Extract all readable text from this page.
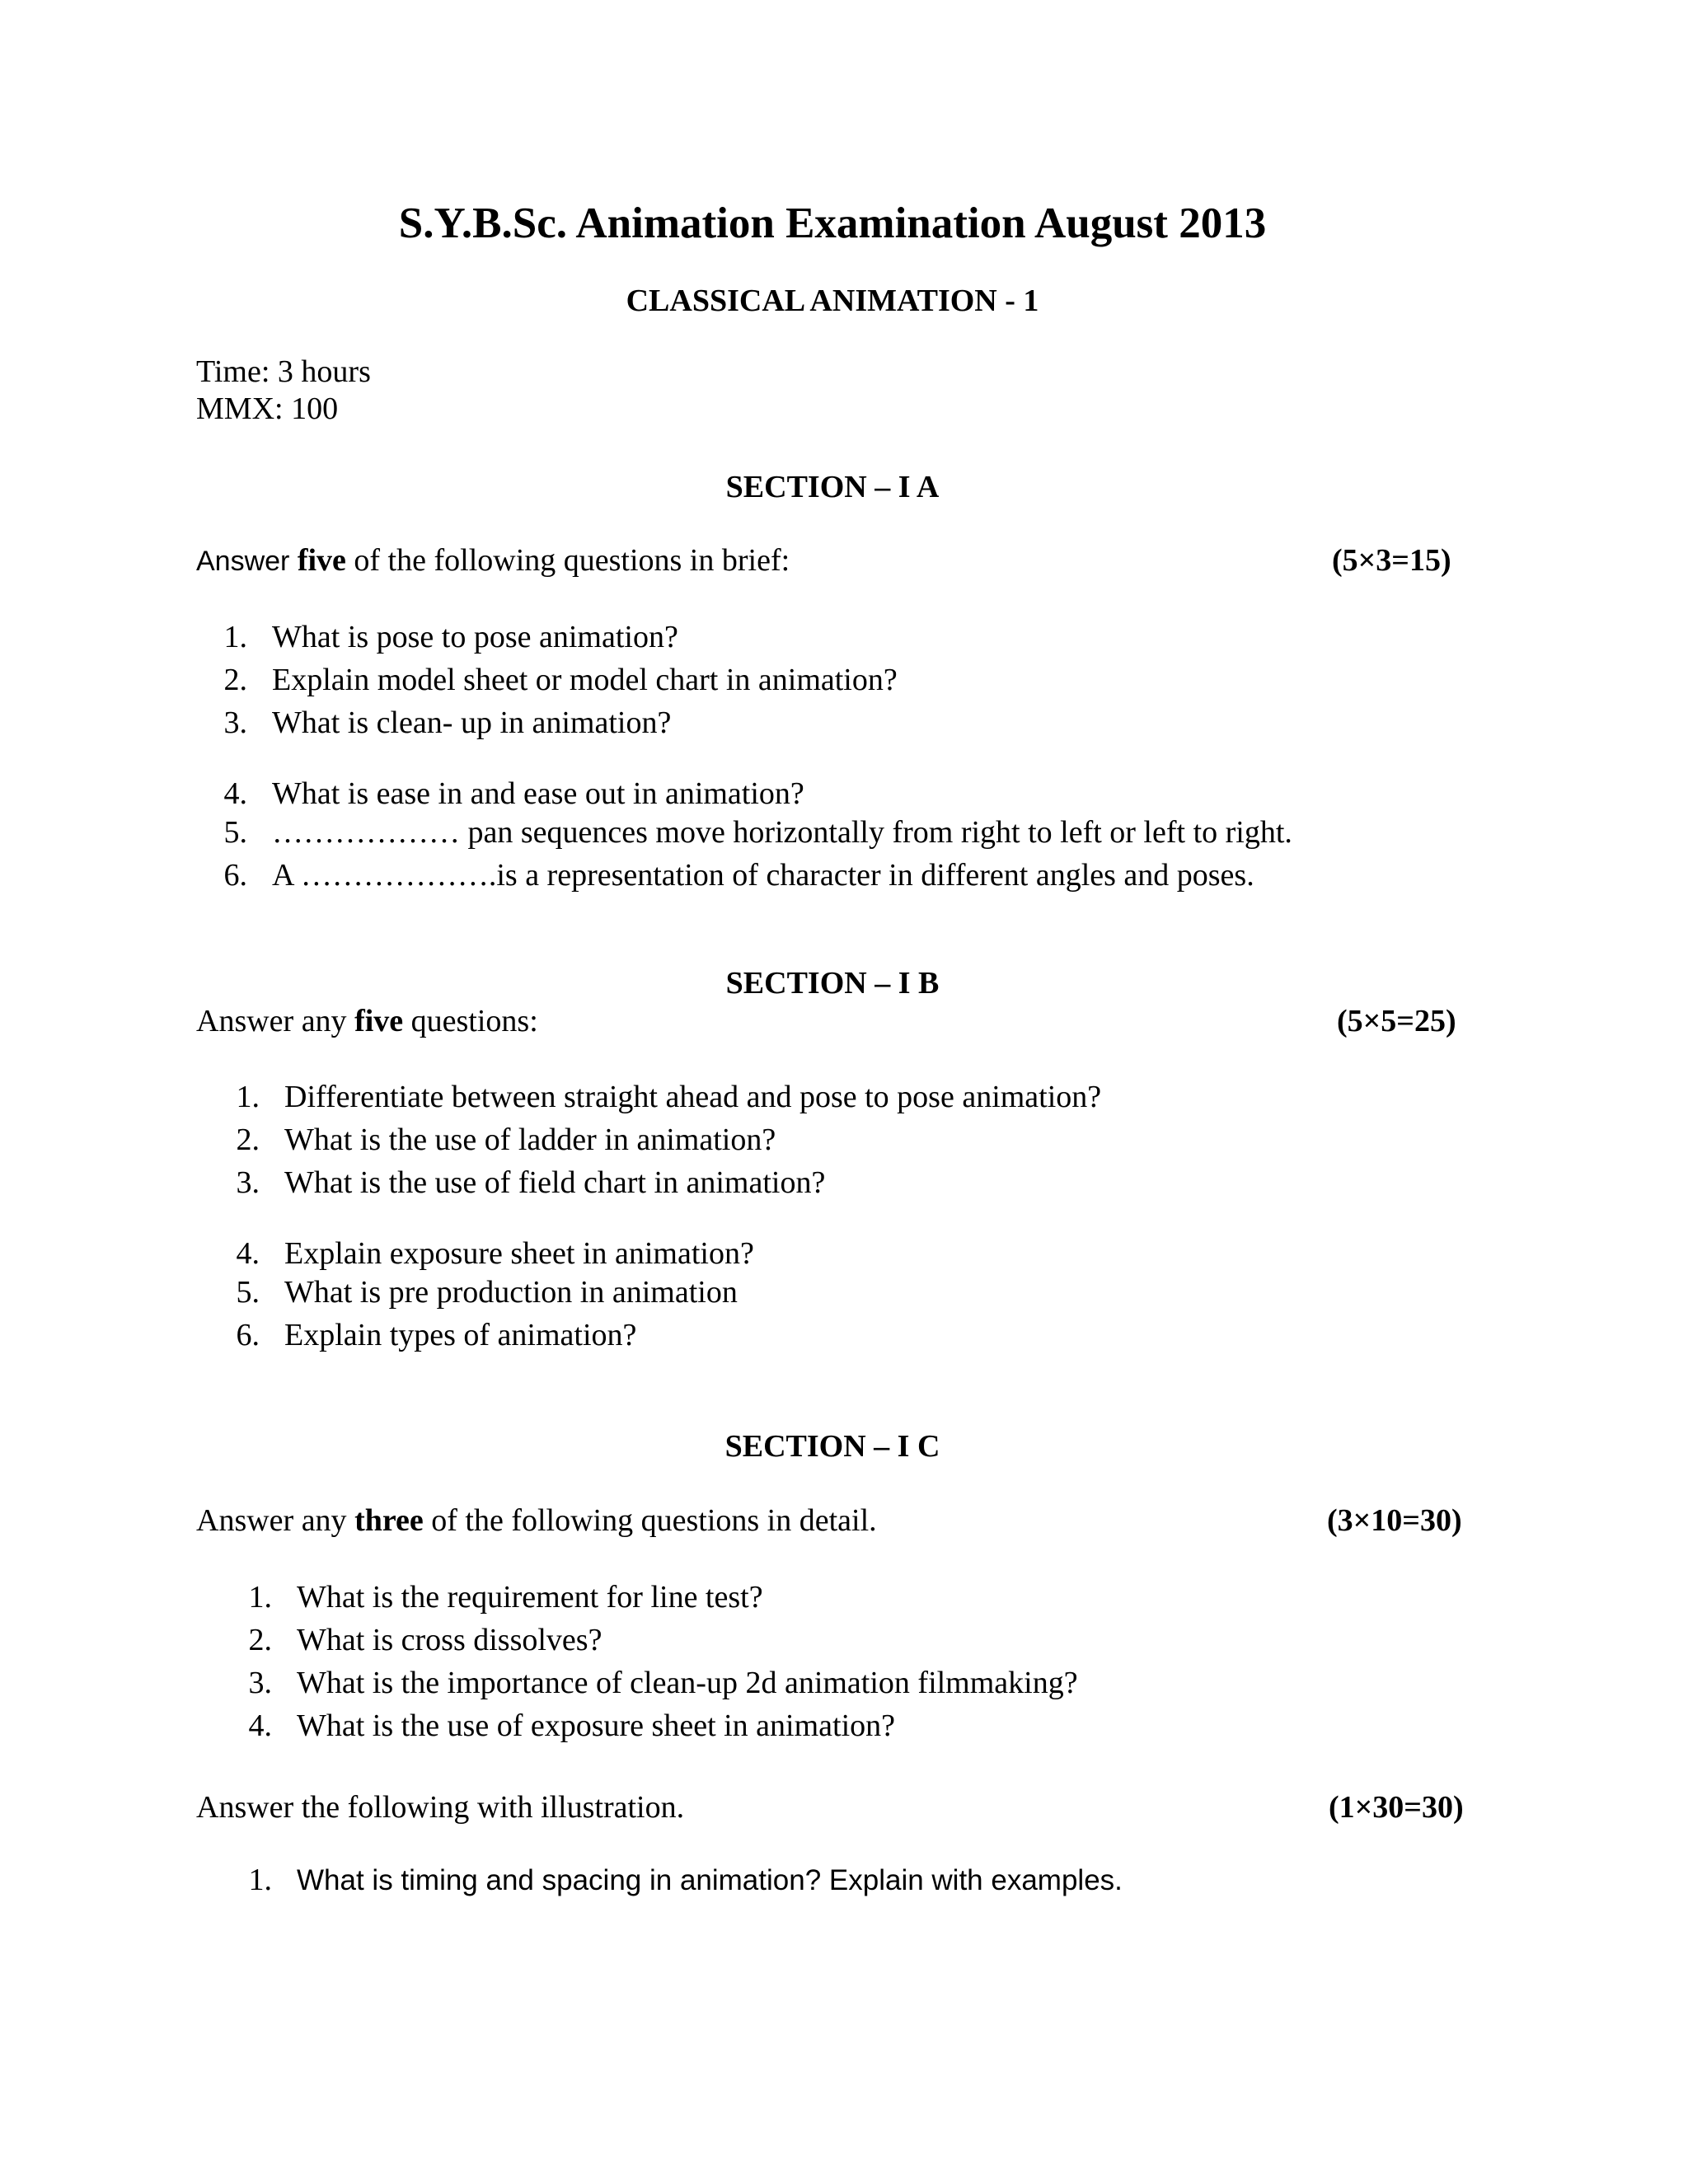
S.Y.B.Sc. Animation Examination August 2013
CLASSICAL ANIMATION - 1
Time: 3 hours
MMX: 100
SECTION – I A
Answer five of the following questions in brief:	(5×3=15)
1. What is pose to pose animation?
2. Explain model sheet or model chart in animation?
3. What is clean- up in animation?
4. What is ease in and ease out in animation?
5. ……………… pan sequences move horizontally from right to left or left to right.
6. A ……………….is a representation of character in different angles and poses.
SECTION – I B
Answer any five questions:	(5×5=25)
1. Differentiate between straight ahead and pose to pose animation?
2. What is the use of ladder in animation?
3. What is the use of field chart in animation?
4. Explain exposure sheet in animation?
5. What is pre production in animation
6. Explain types of animation?
SECTION – I C
Answer any three of the following questions in detail.	(3×10=30)
1. What is the requirement for line test?
2. What is cross dissolves?
3. What is the importance of clean-up 2d animation filmmaking?
4. What is the use of exposure sheet in animation?
Answer the following with illustration.	(1×30=30)
1. What is timing and spacing in animation? Explain with examples.
